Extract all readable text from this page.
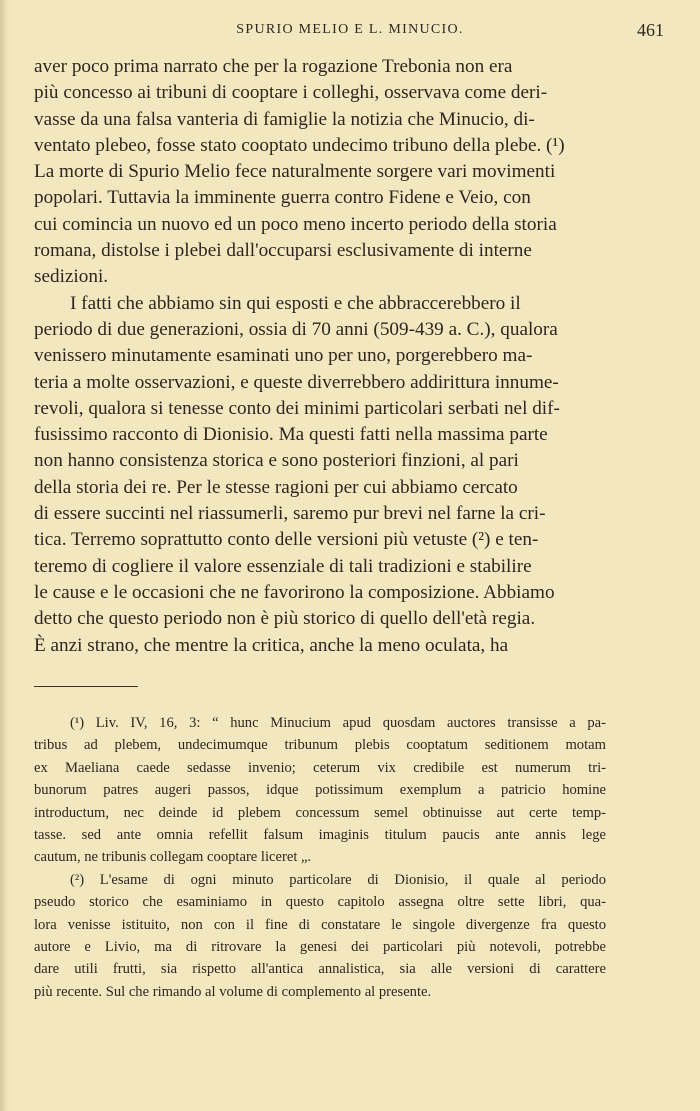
SPURIO MELIO E L. MINUCIO.	461

aver poco prima narrato che per la rogazione Trebonia non era
più concesso ai tribuni di cooptare i colleghi, osservava come deri-
vasse da una falsa vanteria di famiglie la notizia che Minucio, di-
ventato plebeo, fosse stato cooptato undecimo tribuno della plebe. (¹)
La morte di Spurio Melio fece naturalmente sorgere vari movimenti
popolari. Tuttavia la imminente guerra contro Fidene e Veio, con
cui comincia un nuovo ed un poco meno incerto periodo della storia
romana, distolse i plebei dall'occuparsi esclusivamente di interne
sedizioni.

I fatti che abbiamo sin qui esposti e che abbraccerebbero il
periodo di due generazioni, ossia di 70 anni (509-439 a. C.), qualora
venissero minutamente esaminati uno per uno, porgerebbero ma-
teria a molte osservazioni, e queste diverrebbero addirittura innume-
revoli, qualora si tenesse conto dei minimi particolari serbati nel dif-
fusissimo racconto di Dionisio. Ma questi fatti nella massima parte
non hanno consistenza storica e sono posteriori finzioni, al pari
della storia dei re. Per le stesse ragioni per cui abbiamo cercato
di essere succinti nel riassumerli, saremo pur brevi nel farne la cri-
tica. Terremo soprattutto conto delle versioni più vetuste (²) e ten-
teremo di cogliere il valore essenziale di tali tradizioni e stabilire
le cause e le occasioni che ne favorirono la composizione. Abbiamo
detto che questo periodo non è più storico di quello dell'età regia.
È anzi strano, che mentre la critica, anche la meno oculata, ha

(¹) Liv. IV, 16, 3: “ hunc Minucium apud quosdam auctores transisse a pa-
tribus ad plebem, undecimumque tribunum plebis cooptatum seditionem motam
ex Maeliana caede sedasse invenio; ceterum vix credibile est numerum tri-
bunorum patres augeri passos, idque potissimum exemplum a patricio homine
introductum, nec deinde id plebem concessum semel obtinuisse aut certe temp-
tasse. sed ante omnia refellit falsum imaginis titulum paucis ante annis lege
cautum, ne tribunis collegam cooptare liceret „.

(²) L'esame di ogni minuto particolare di Dionisio, il quale al periodo
pseudo storico che esaminiamo in questo capitolo assegna oltre sette libri, qua-
lora venisse istituito, non con il fine di constatare le singole divergenze fra questo
autore e Livio, ma di ritrovare la genesi dei particolari più notevoli, potrebbe
dare utili frutti, sia rispetto all'antica annalistica, sia alle versioni di carattere
più recente. Sul che rimando al volume di complemento al presente.
